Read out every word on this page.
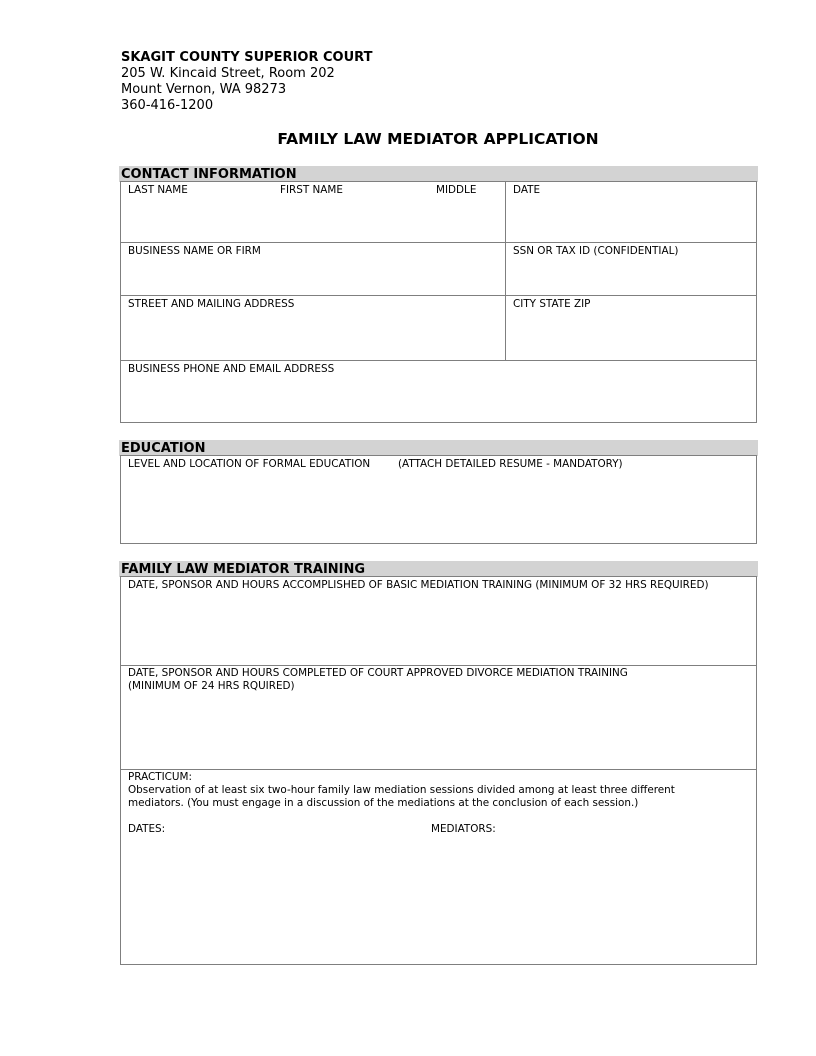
SKAGIT COUNTY SUPERIOR COURT
205 W. Kincaid Street, Room 202
Mount Vernon, WA 98273
360-416-1200
FAMILY LAW MEDIATOR APPLICATION
CONTACT INFORMATION
LAST NAME	FIRST NAME	MIDDLE	DATE
BUSINESS NAME OR FIRM	SSN OR TAX ID (CONFIDENTIAL)
STREET AND MAILING ADDRESS	CITY STATE ZIP
BUSINESS PHONE AND EMAIL ADDRESS
EDUCATION
LEVEL AND LOCATION OF FORMAL EDUCATION	(ATTACH DETAILED RESUME - MANDATORY)
FAMILY LAW MEDIATOR TRAINING
DATE, SPONSOR AND HOURS ACCOMPLISHED OF BASIC MEDIATION TRAINING (MINIMUM OF 32 HRS REQUIRED)
DATE, SPONSOR AND HOURS COMPLETED OF COURT APPROVED DIVORCE MEDIATION TRAINING
(MINIMUM OF 24 HRS RQUIRED)
PRACTICUM:
Observation of at least six two-hour family law mediation sessions divided among at least three different
mediators. (You must engage in a discussion of the mediations at the conclusion of each session.)
DATES:	MEDIATORS:
